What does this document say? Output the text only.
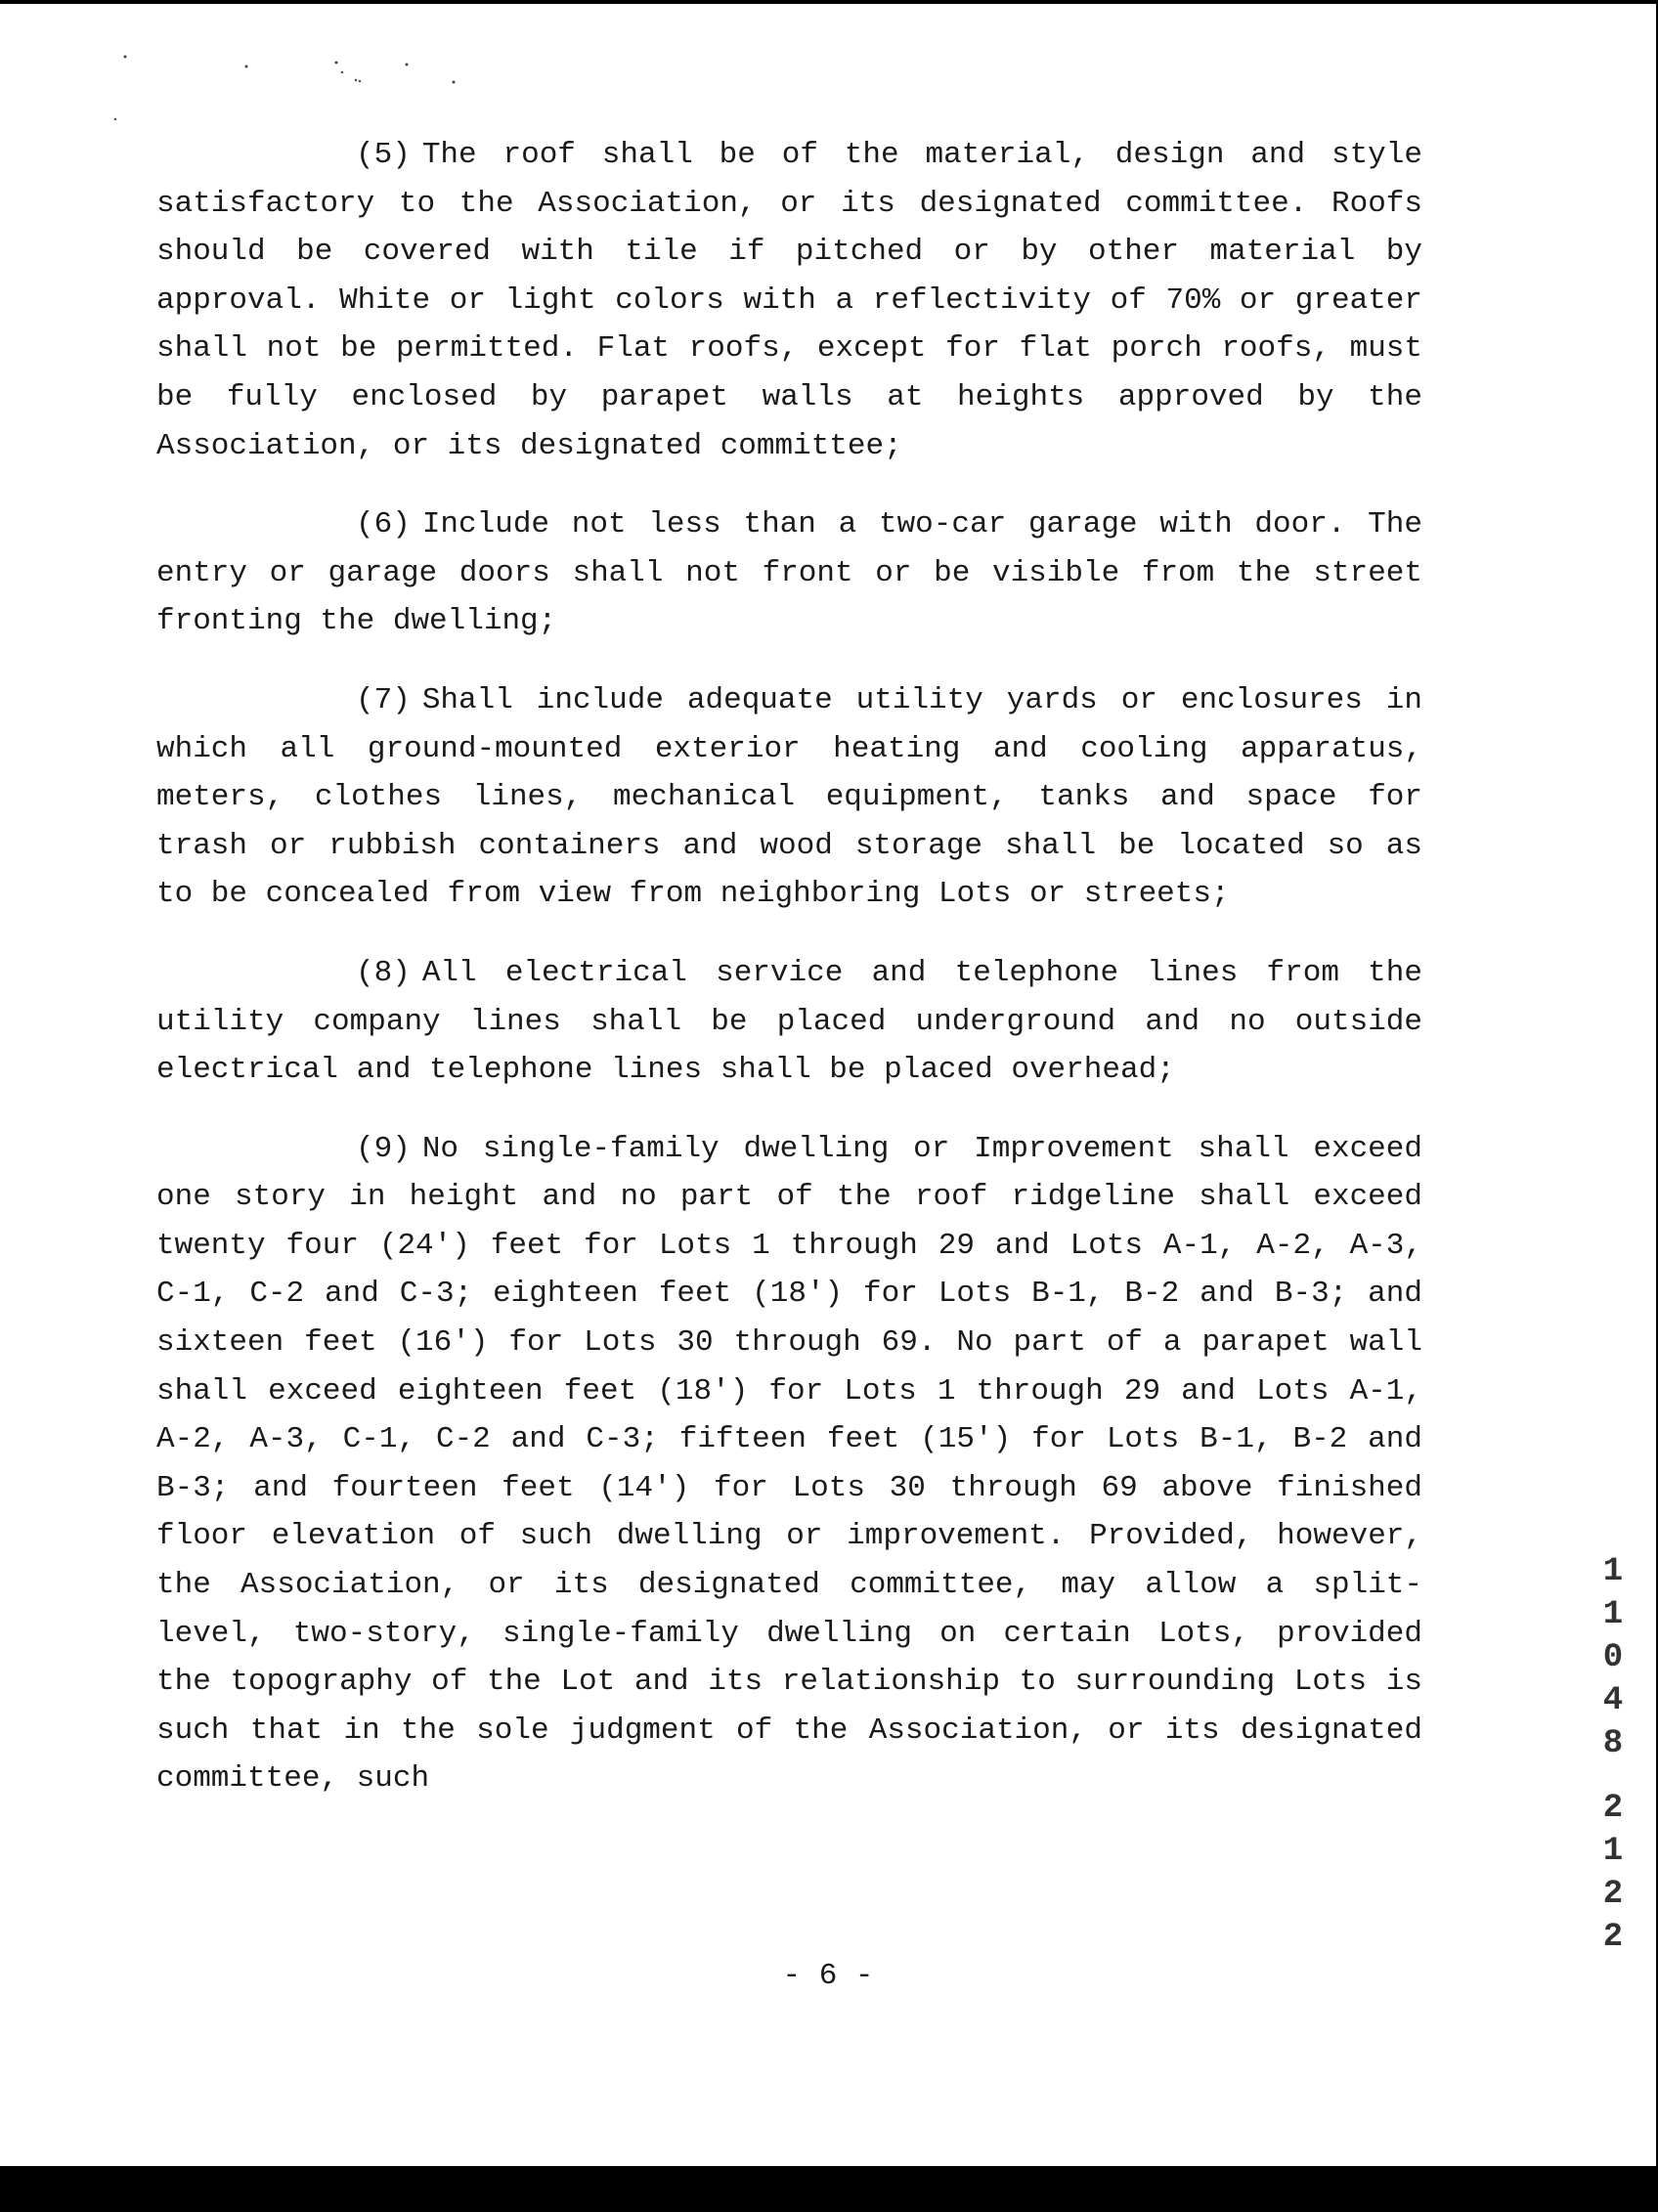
(5) The roof shall be of the material, design and style satisfactory to the Association, or its designated committee. Roofs should be covered with tile if pitched or by other material by approval. White or light colors with a reflectivity of 70% or greater shall not be permitted. Flat roofs, except for flat porch roofs, must be fully enclosed by parapet walls at heights approved by the Association, or its designated committee;

(6) Include not less than a two-car garage with door. The entry or garage doors shall not front or be visible from the street fronting the dwelling;

(7) Shall include adequate utility yards or enclosures in which all ground-mounted exterior heating and cooling apparatus, meters, clothes lines, mechanical equipment, tanks and space for trash or rubbish containers and wood storage shall be located so as to be concealed from view from neighboring Lots or streets;

(8) All electrical service and telephone lines from the utility company lines shall be placed underground and no outside electrical and telephone lines shall be placed overhead;

(9) No single-family dwelling or Improvement shall exceed one story in height and no part of the roof ridgeline shall exceed twenty four (24') feet for Lots 1 through 29 and Lots A-1, A-2, A-3, C-1, C-2 and C-3; eighteen feet (18') for Lots B-1, B-2 and B-3; and sixteen feet (16') for Lots 30 through 69. No part of a parapet wall shall exceed eighteen feet (18') for Lots 1 through 29 and Lots A-1, A-2, A-3, C-1, C-2 and C-3; fifteen feet (15') for Lots B-1, B-2 and B-3; and fourteen feet (14') for Lots 30 through 69 above finished floor elevation of such dwelling or improvement. Provided, however, the Association, or its designated committee, may allow a split-level, two-story, single-family dwelling on certain Lots, provided the topography of the Lot and its relationship to surrounding Lots is such that in the sole judgment of the Association, or its designated committee, such

- 6 -
1
1
0
4
8
2
1
2
2
